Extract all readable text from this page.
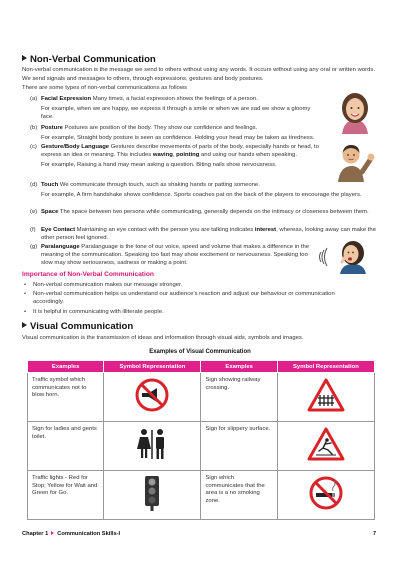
Non-Verbal Communication
Non-verbal communication is the message we send to others without using any words. It occurs without using any oral or written words. We send signals and messages to others, through expressions, gestures and body postures.
There are some types of non-verbal communications as follows
(a) Facial Expression Many times, a facial expression shows the feelings of a person.
For example, when we are happy, we express it through a smile or when we are sad we show a gloomy face.
(b) Posture Postures are position of the body. They show our confidence and feelings.
For example, Straight body posture is seen as confidence. Holding your head may be taken as tiredness.
(c) Gesture/Body Language Gestures describe movements of parts of the body, especially hands or head, to express an idea or meaning. This includes waving, pointing and using our hands when speaking.
For example, Raising a hand may mean asking a question. Biting nails show nervousness.
(d) Touch We communicate through touch, such as shaking hands or patting someone.
For example, A firm handshake shows confidence. Sports coaches pat on the back of the players to encourage the players.
(e) Space The space between two persons while communicating, generally depends on the intimacy or closeness between them.
(f) Eye Contact Maintaining an eye contact with the person you are talking indicates interest, whereas, looking away can make the other person feel ignored.
(g) Paralanguage Paralanguage is the tone of our voice, speed and volume that makes a difference in the meaning of the communication. Speaking too fast may show excitement or nervousness. Speaking too slow may show seriousness, sadness or making a point.
Importance of Non-Verbal Communication
• Non-verbal communication makes our message stronger.
• Non-verbal communication helps us understand our audience's reaction and adjust our behaviour or communication accordingly.
• It is helpful in communicating with illiterate people.
Visual Communication
Visual communication is the transmission of ideas and information through visual aids, symbols and images.
Examples of Visual Communication
Examples	Symbol Representation	Examples	Symbol Representation
Traffic symbol which communicates not to blow horn.		Sign showing railway crossing.	
Sign for ladies and gents toilet.		Sign for slippery surface.	
Traffic lights - Red for Stop; Yellow for Wait and Green for Go.		Sign which communicates that the area is a no smoking zone.	
Chapter 1 Communication Skills-I	7
